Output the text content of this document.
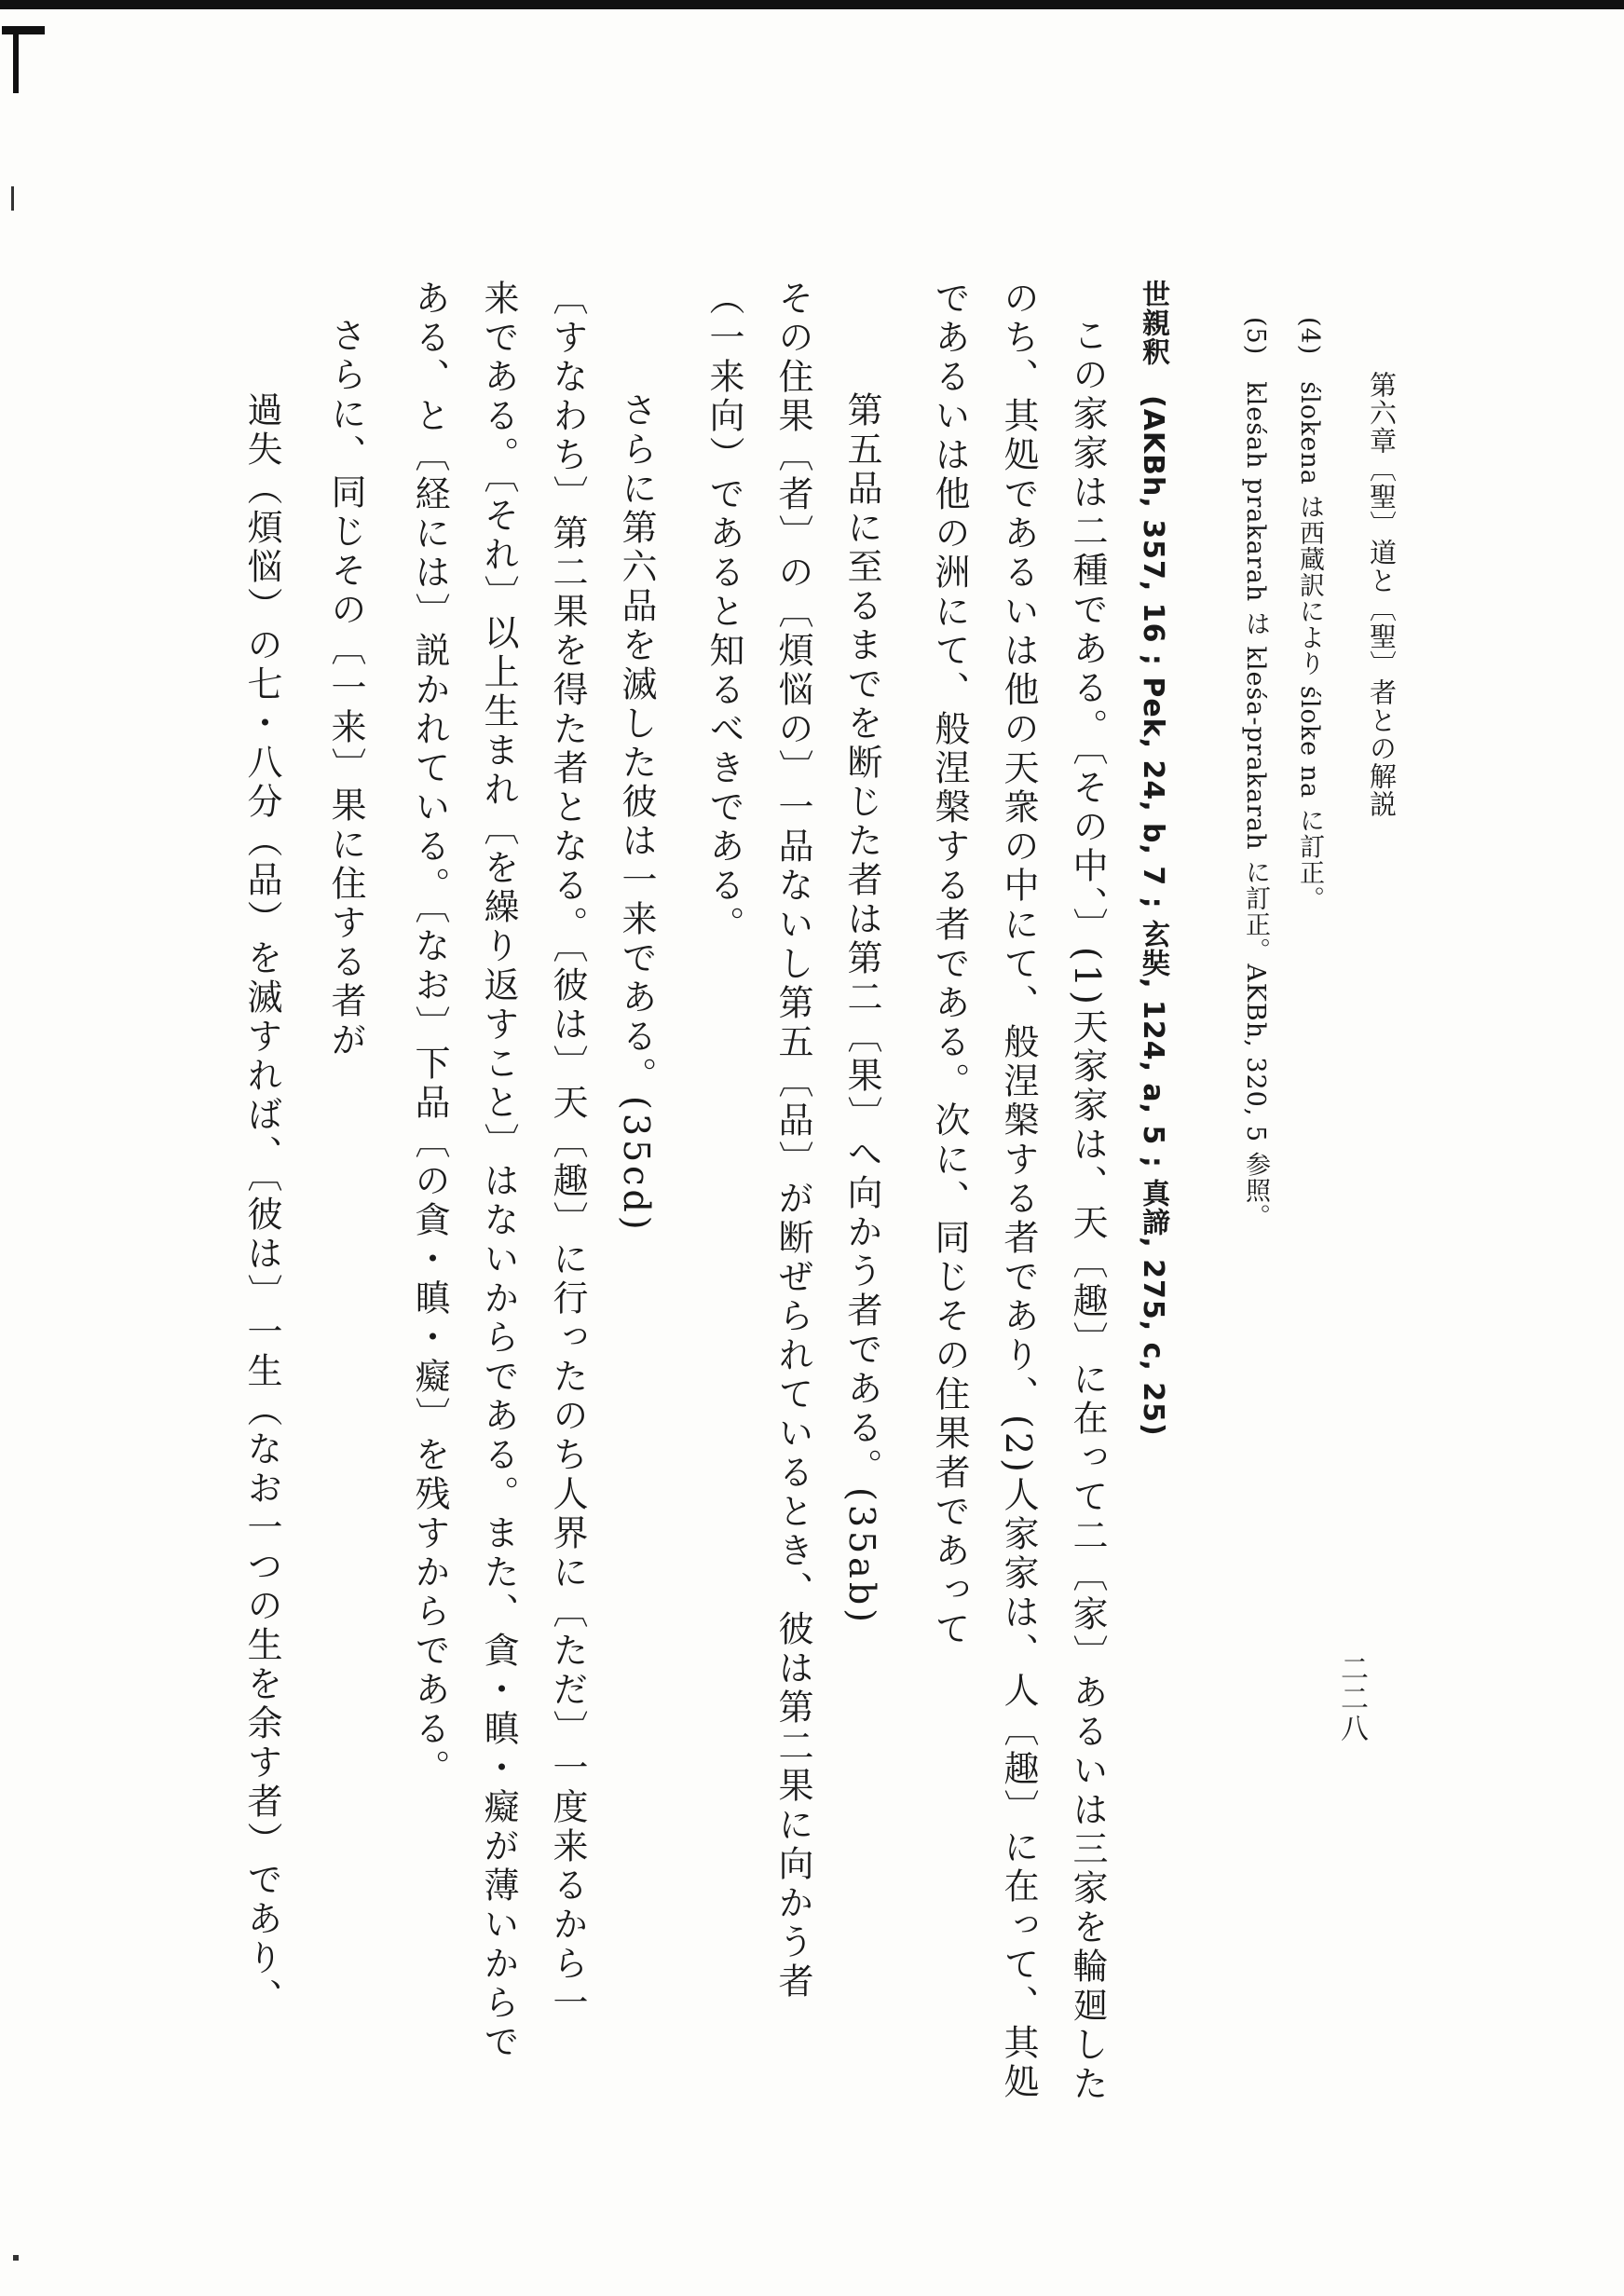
第六章〔聖〕道と〔聖〕者との解説
二二八
(4)　ślokena は西蔵訳により śloke na に訂正。
(5)　kleśah prakarah は kleśa-prakarah に訂正。AKBh, 320, 5 参照。
世親釈　(AKBh, 357, 16 ; Pek, 24, b, 7 ; 玄奘, 124, a, 5 ; 真諦, 275, c, 25)
この家家は二種である。〔その中、〕(1)天家家は、天〔趣〕に在って二〔家〕あるいは三家を輪廻した
のち、其処であるいは他の天衆の中にて、般涅槃する者であり、(2)人家家は、人〔趣〕に在って、其処
であるいは他の洲にて、般涅槃する者である。次に、同じその住果者であって
第五品に至るまでを断じた者は第二〔果〕へ向かう者である。(35ab)
その住果〔者〕の〔煩悩の〕一品ないし第五〔品〕が断ぜられているとき、彼は第二果に向かう者
（一来向）であると知るべきである。
さらに第六品を滅した彼は一来である。(35cd)
〔すなわち〕第二果を得た者となる。〔彼は〕天〔趣〕に行ったのち人界に〔ただ〕一度来るから一
来である。〔それ〕以上生まれ〔を繰り返すこと〕はないからである。また、貪・瞋・癡が薄いからで
ある、と〔経には〕説かれている。〔なお〕下品〔の貪・瞋・癡〕を残すからである。
さらに、同じその〔一来〕果に住する者が
過失（煩悩）の七・八分（品）を滅すれば、〔彼は〕一生（なお一つの生を余す者）であり、
